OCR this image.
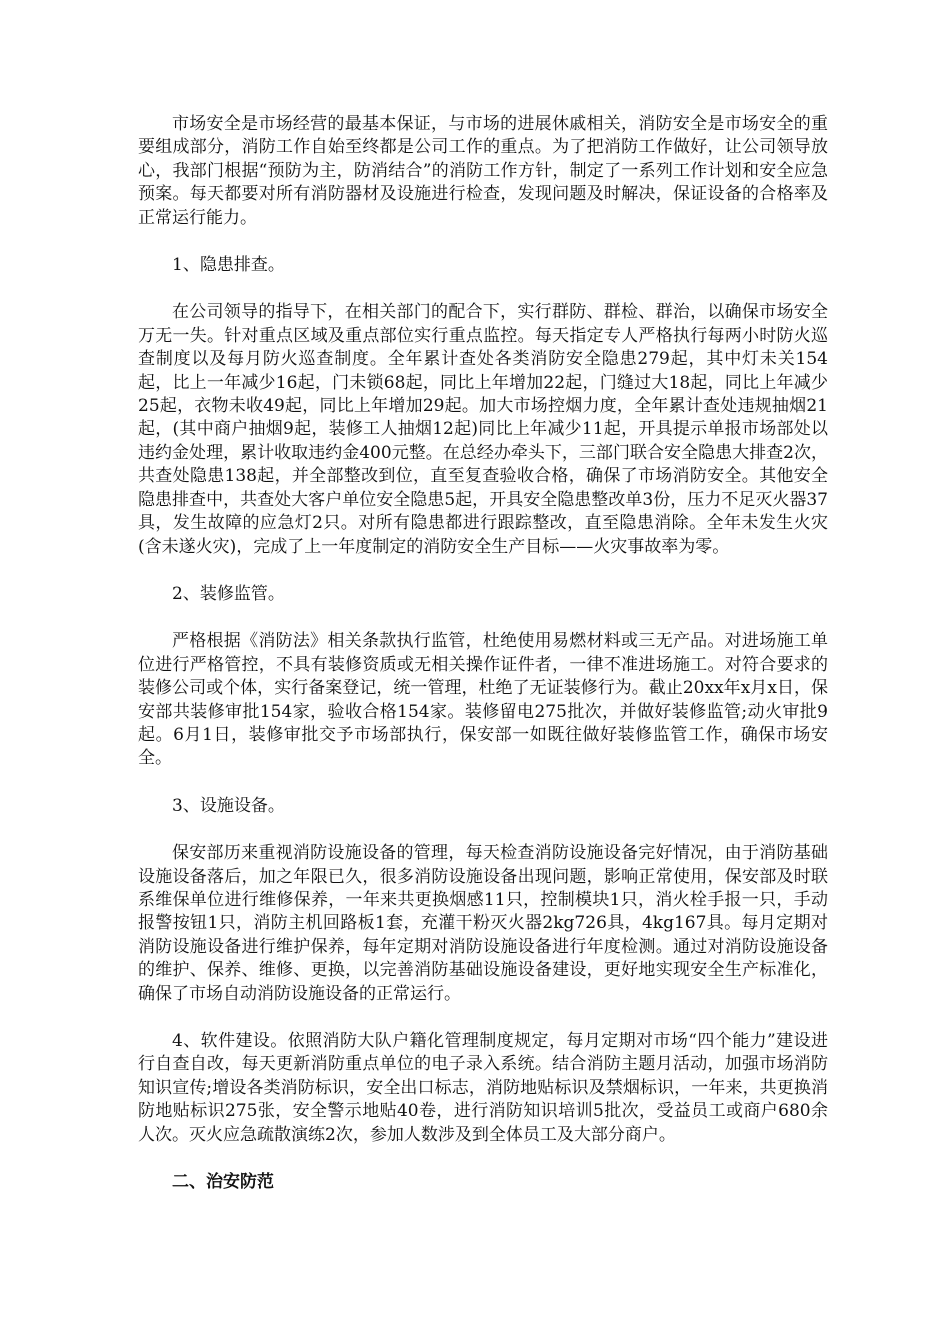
市场安全是市场经营的最基本保证，与市场的进展休戚相关，消防安全是市场安全的重要组成部分，消防工作自始至终都是公司工作的重点。为了把消防工作做好，让公司领导放心，我部门根据“预防为主，防消结合”的消防工作方针，制定了一系列工作计划和安全应急预案。每天都要对所有消防器材及设施进行检查，发现问题及时解决，保证设备的合格率及正常运行能力。

1、隐患排查。

在公司领导的指导下，在相关部门的配合下，实行群防、群检、群治，以确保市场安全万无一失。针对重点区域及重点部位实行重点监控。每天指定专人严格执行每两小时防火巡查制度以及每月防火巡查制度。全年累计查处各类消防安全隐患279起，其中灯未关154起，比上一年减少16起，门未锁68起，同比上年增加22起，门缝过大18起，同比上年减少25起，衣物未收49起，同比上年增加29起。加大市场控烟力度，全年累计查处违规抽烟21起，(其中商户抽烟9起，装修工人抽烟12起)同比上年减少11起，开具提示单报市场部处以违约金处理，累计收取违约金400元整。在总经办牵头下，三部门联合安全隐患大排查2次，共查处隐患138起，并全部整改到位，直至复查验收合格，确保了市场消防安全。其他安全隐患排查中，共查处大客户单位安全隐患5起，开具安全隐患整改单3份，压力不足灭火器37具，发生故障的应急灯2只。对所有隐患都进行跟踪整改，直至隐患消除。全年未发生火灾(含未遂火灾)，完成了上一年度制定的消防安全生产目标——火灾事故率为零。

2、装修监管。

严格根据《消防法》相关条款执行监管，杜绝使用易燃材料或三无产品。对进场施工单位进行严格管控，不具有装修资质或无相关操作证件者，一律不准进场施工。对符合要求的装修公司或个体，实行备案登记，统一管理，杜绝了无证装修行为。截止20xx年x月x日，保安部共装修审批154家，验收合格154家。装修留电275批次，并做好装修监管;动火审批9起。6月1日，装修审批交予市场部执行，保安部一如既往做好装修监管工作，确保市场安全。

3、设施设备。

保安部历来重视消防设施设备的管理，每天检查消防设施设备完好情况，由于消防基础设施设备落后，加之年限已久，很多消防设施设备出现问题，影响正常使用，保安部及时联系维保单位进行维修保养，一年来共更换烟感11只，控制模块1只，消火栓手报一只，手动报警按钮1只，消防主机回路板1套，充灌干粉灭火器2kg726具，4kg167具。每月定期对消防设施设备进行维护保养，每年定期对消防设施设备进行年度检测。通过对消防设施设备的维护、保养、维修、更换，以完善消防基础设施设备建设，更好地实现安全生产标准化，确保了市场自动消防设施设备的正常运行。

4、软件建设。依照消防大队户籍化管理制度规定，每月定期对市场“四个能力”建设进行自查自改，每天更新消防重点单位的电子录入系统。结合消防主题月活动，加强市场消防知识宣传;增设各类消防标识，安全出口标志，消防地贴标识及禁烟标识，一年来，共更换消防地贴标识275张，安全警示地贴40卷，进行消防知识培训5批次，受益员工或商户680余人次。灭火应急疏散演练2次，参加人数涉及到全体员工及大部分商户。

二、治安防范
